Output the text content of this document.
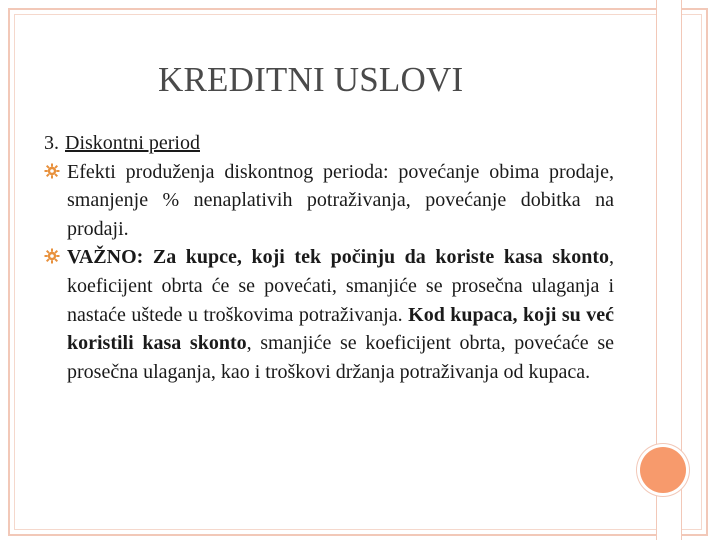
KREDITNI USLOVI

3. Diskontni period

Efekti produženja diskontnog perioda: povećanje obima prodaje, smanjenje % nenaplativih potraživanja, povećanje dobitka na prodaji.
VAŽNO: Za kupce, koji tek počinju da koriste kasa skonto, koeficijent obrta će se povećati, smanjiće se prosečna ulaganja i nastaće uštede u troškovima potraživanja. Kod kupaca, koji su već koristili kasa skonto, smanjiće se koeficijent obrta, povećaće se prosečna ulaganja, kao i troškovi držanja potraživanja od kupaca.
